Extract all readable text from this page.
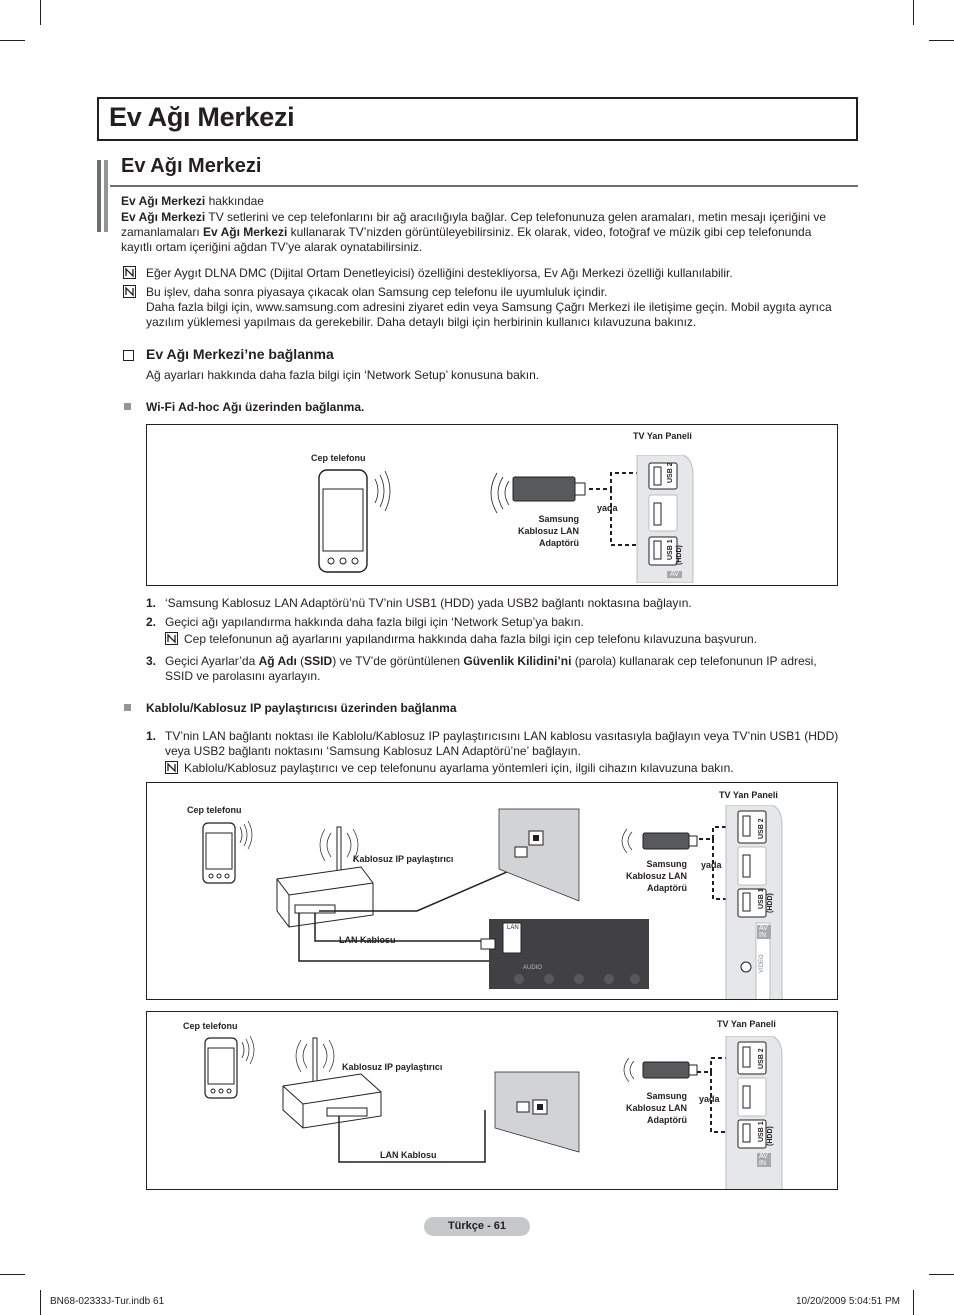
Ev Ağı Merkezi
Ev Ağı Merkezi
Ev Ağı Merkezi hakkındae
Ev Ağı Merkezi TV setlerini ve cep telefonlarını bir ağ aracılığıyla bağlar. Cep telefonunuza gelen aramaları, metin mesajı içeriğini ve
zamanlamaları Ev Ağı Merkezi kullanarak TV’nizden görüntüleyebilirsiniz. Ek olarak, video, fotoğraf ve müzik gibi cep telefonunda
kayıtlı ortam içeriğini ağdan TV’ye alarak oynatabilirsiniz.
Eğer Aygıt DLNA DMC (Dijital Ortam Denetleyicisi) özelliğini destekliyorsa, Ev Ağı Merkezi özelliği kullanılabilir.
Bu işlev, daha sonra piyasaya çıkacak olan Samsung cep telefonu ile uyumluluk içindir.
Daha fazla bilgi için, www.samsung.com adresini ziyaret edin veya Samsung Çağrı Merkezi ile iletişime geçin. Mobil aygıta ayrıca
yazılım yüklemesi yapılmaıs da gerekebilir. Daha detaylı bilgi için herbirinin kullanıcı kılavuzuna bakınız.
Ev Ağı Merkezi’ne bağlanma
Ağ ayarları hakkında daha fazla bilgi için ‘Network Setup’ konusuna bakın.
Wi-Fi Ad-hoc Ağı üzerinden bağlanma.
TV Yan Paneli
Cep telefonu
Samsung
Kablosuz LAN
Adaptörü
yada
USB 2
HDMI IN 4
USB 1 (HDD)
AV
1. ‘Samsung Kablosuz LAN Adaptörü’nü TV’nin USB1 (HDD) yada USB2 bağlantı noktasına bağlayın.
2. Geçici ağı yapılandırma hakkında daha fazla bilgi için ‘Network Setup’ya bakın.
Cep telefonunun ağ ayarlarını yapılandırma hakkında daha fazla bilgi için cep telefonu kılavuzuna başvurun.
3. Geçici Ayarlar’da Ağ Adı (SSID) ve TV’de görüntülenen Güvenlik Kilidini’ni (parola) kullanarak cep telefonunun IP adresi,
SSID ve parolasını ayarlayın.
Kablolu/Kablosuz IP paylaştırıcısı üzerinden bağlanma
1. TV’nin LAN bağlantı noktası ile Kablolu/Kablosuz IP paylaştırıcısını LAN kablosu vasıtasıyla bağlayın veya TV’nin USB1 (HDD)
veya USB2 bağlantı noktasını ‘Samsung Kablosuz LAN Adaptörü’ne’ bağlayın.
Kablolu/Kablosuz paylaştırıcı ve cep telefonunu ayarlama yöntemleri için, ilgili cihazın kılavuzuna bakın.
Cep telefonu
TV Yan Paneli
Kablosuz IP paylaştırıcı
LAN Kablosu
LAN
AUDIO
Samsung
Kablosuz LAN
Adaptörü
yada
USB 2
HDMI IN 4
USB 1 (HDD)
AV IN
VIDEO
Cep telefonu	TV Yan Paneli
Kablosuz IP paylaştırıcı
LAN Kablosu
Samsung
Kablosuz LAN
Adaptörü
yada
USB 2
HDMI IN 4
USB 1 (HDD)
AV IN
Türkçe - 61
BN68-02333J-Tur.indb 61	10/20/2009 5:04:51 PM
